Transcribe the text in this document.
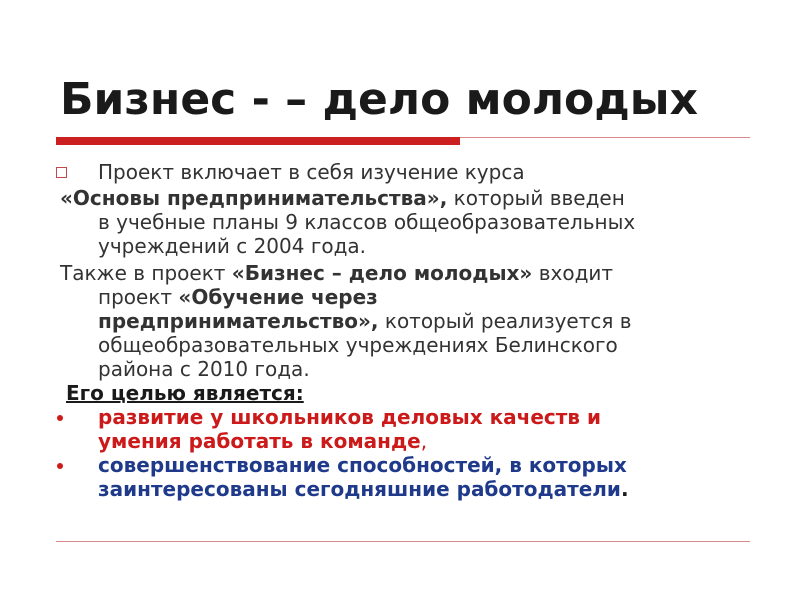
Бизнес - – дело молодых
Проект включает в себя изучение курса
«Основы предпринимательства», который введен
в учебные планы 9 классов общеобразовательных
учреждений с 2004 года.
Также в проект «Бизнес – дело молодых» входит
проект «Обучение через
предпринимательство», который реализуется в
общеобразовательных учреждениях Белинского
района с 2010 года.
Его целью является:
развитие у школьников деловых качеств и
умения работать в команде,
совершенствование способностей, в которых
заинтересованы сегодняшние работодатели.
